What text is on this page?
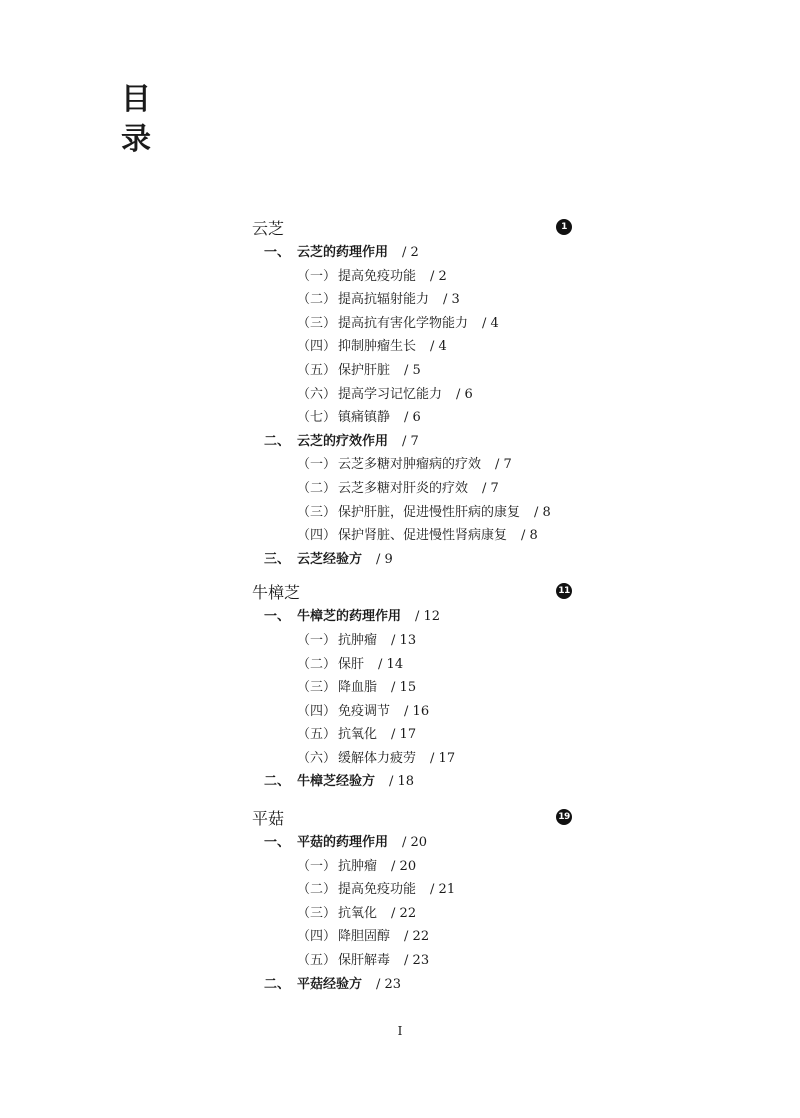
目
录
云芝	1
一、 云芝的药理作用 / 2
（一） 提高免疫功能 / 2
（二） 提高抗辐射能力 / 3
（三） 提高抗有害化学物能力 / 4
（四） 抑制肿瘤生长 / 4
（五） 保护肝脏 / 5
（六） 提高学习记忆能力 / 6
（七） 镇痛镇静 / 6
二、 云芝的疗效作用 / 7
（一） 云芝多糖对肿瘤病的疗效 / 7
（二） 云芝多糖对肝炎的疗效 / 7
（三） 保护肝脏，促进慢性肝病的康复 / 8
（四） 保护肾脏、促进慢性肾病康复 / 8
三、 云芝经验方 / 9
牛樟芝	11
一、 牛樟芝的药理作用 / 12
（一） 抗肿瘤 / 13
（二） 保肝 / 14
（三） 降血脂 / 15
（四） 免疫调节 / 16
（五） 抗氧化 / 17
（六） 缓解体力疲劳 / 17
二、 牛樟芝经验方 / 18
平菇	19
一、 平菇的药理作用 / 20
（一） 抗肿瘤 / 20
（二） 提高免疫功能 / 21
（三） 抗氧化 / 22
（四） 降胆固醇 / 22
（五） 保肝解毒 / 23
二、 平菇经验方 / 23
I
